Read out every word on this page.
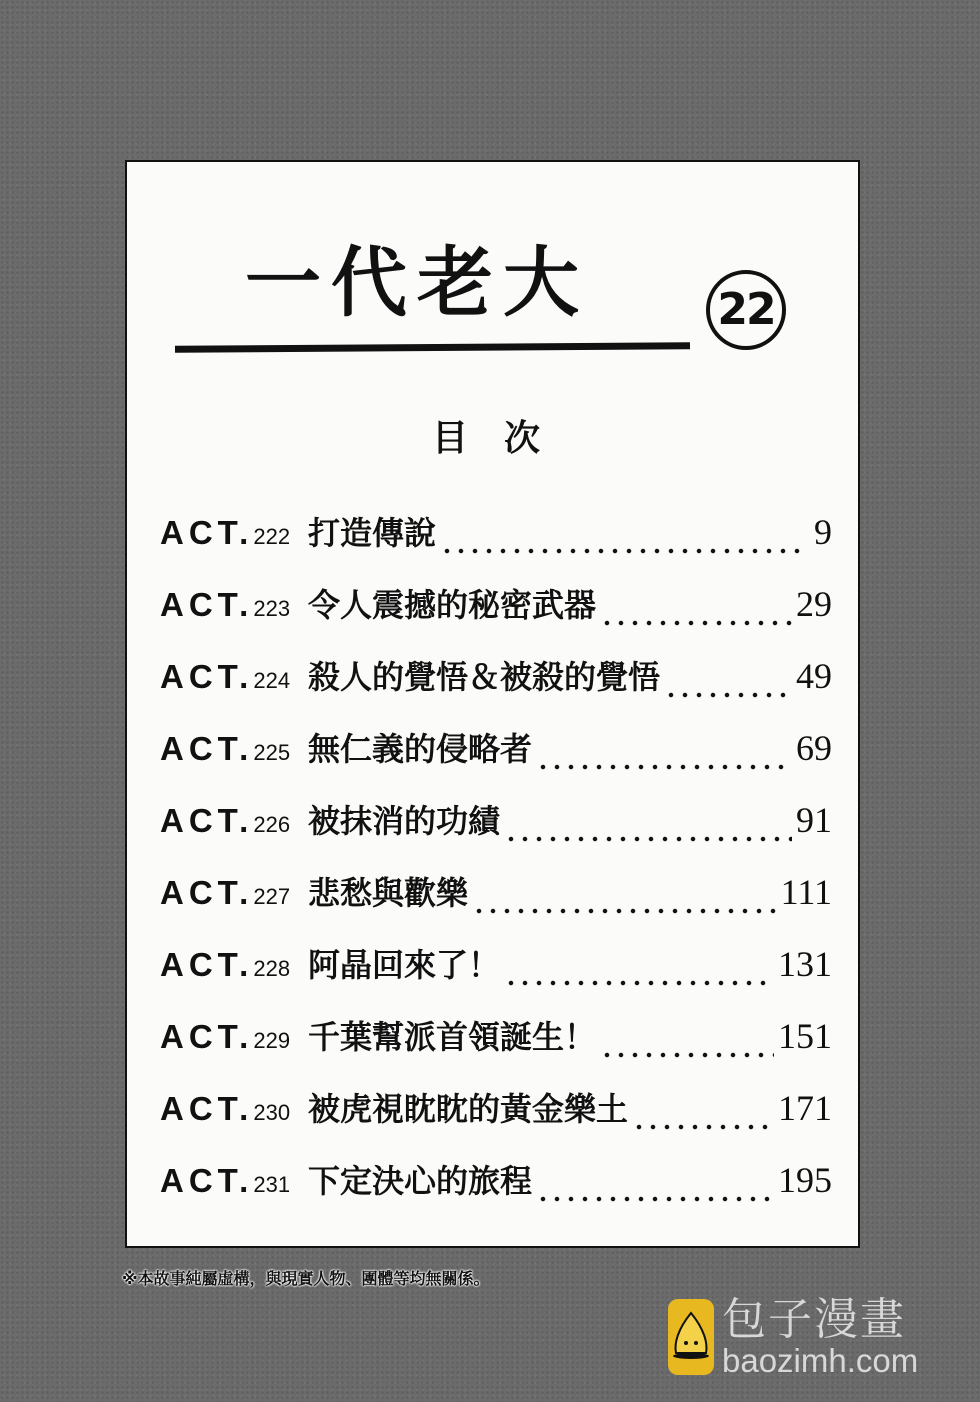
一代老大	22
目次
ACT.222 打造傳說	9
ACT.223 令人震撼的秘密武器	29
ACT.224 殺人的覺悟＆被殺的覺悟	49
ACT.225 無仁義的侵略者	69
ACT.226 被抹消的功績	91
ACT.227 悲愁與歡樂	111
ACT.228 阿晶回來了！	131
ACT.229 千葉幫派首領誕生！	151
ACT.230 被虎視眈眈的黃金樂土	171
ACT.231 下定決心的旅程	195
※本故事純屬虛構，與現實人物、團體等均無關係。
包子漫畫
baozimh.com
